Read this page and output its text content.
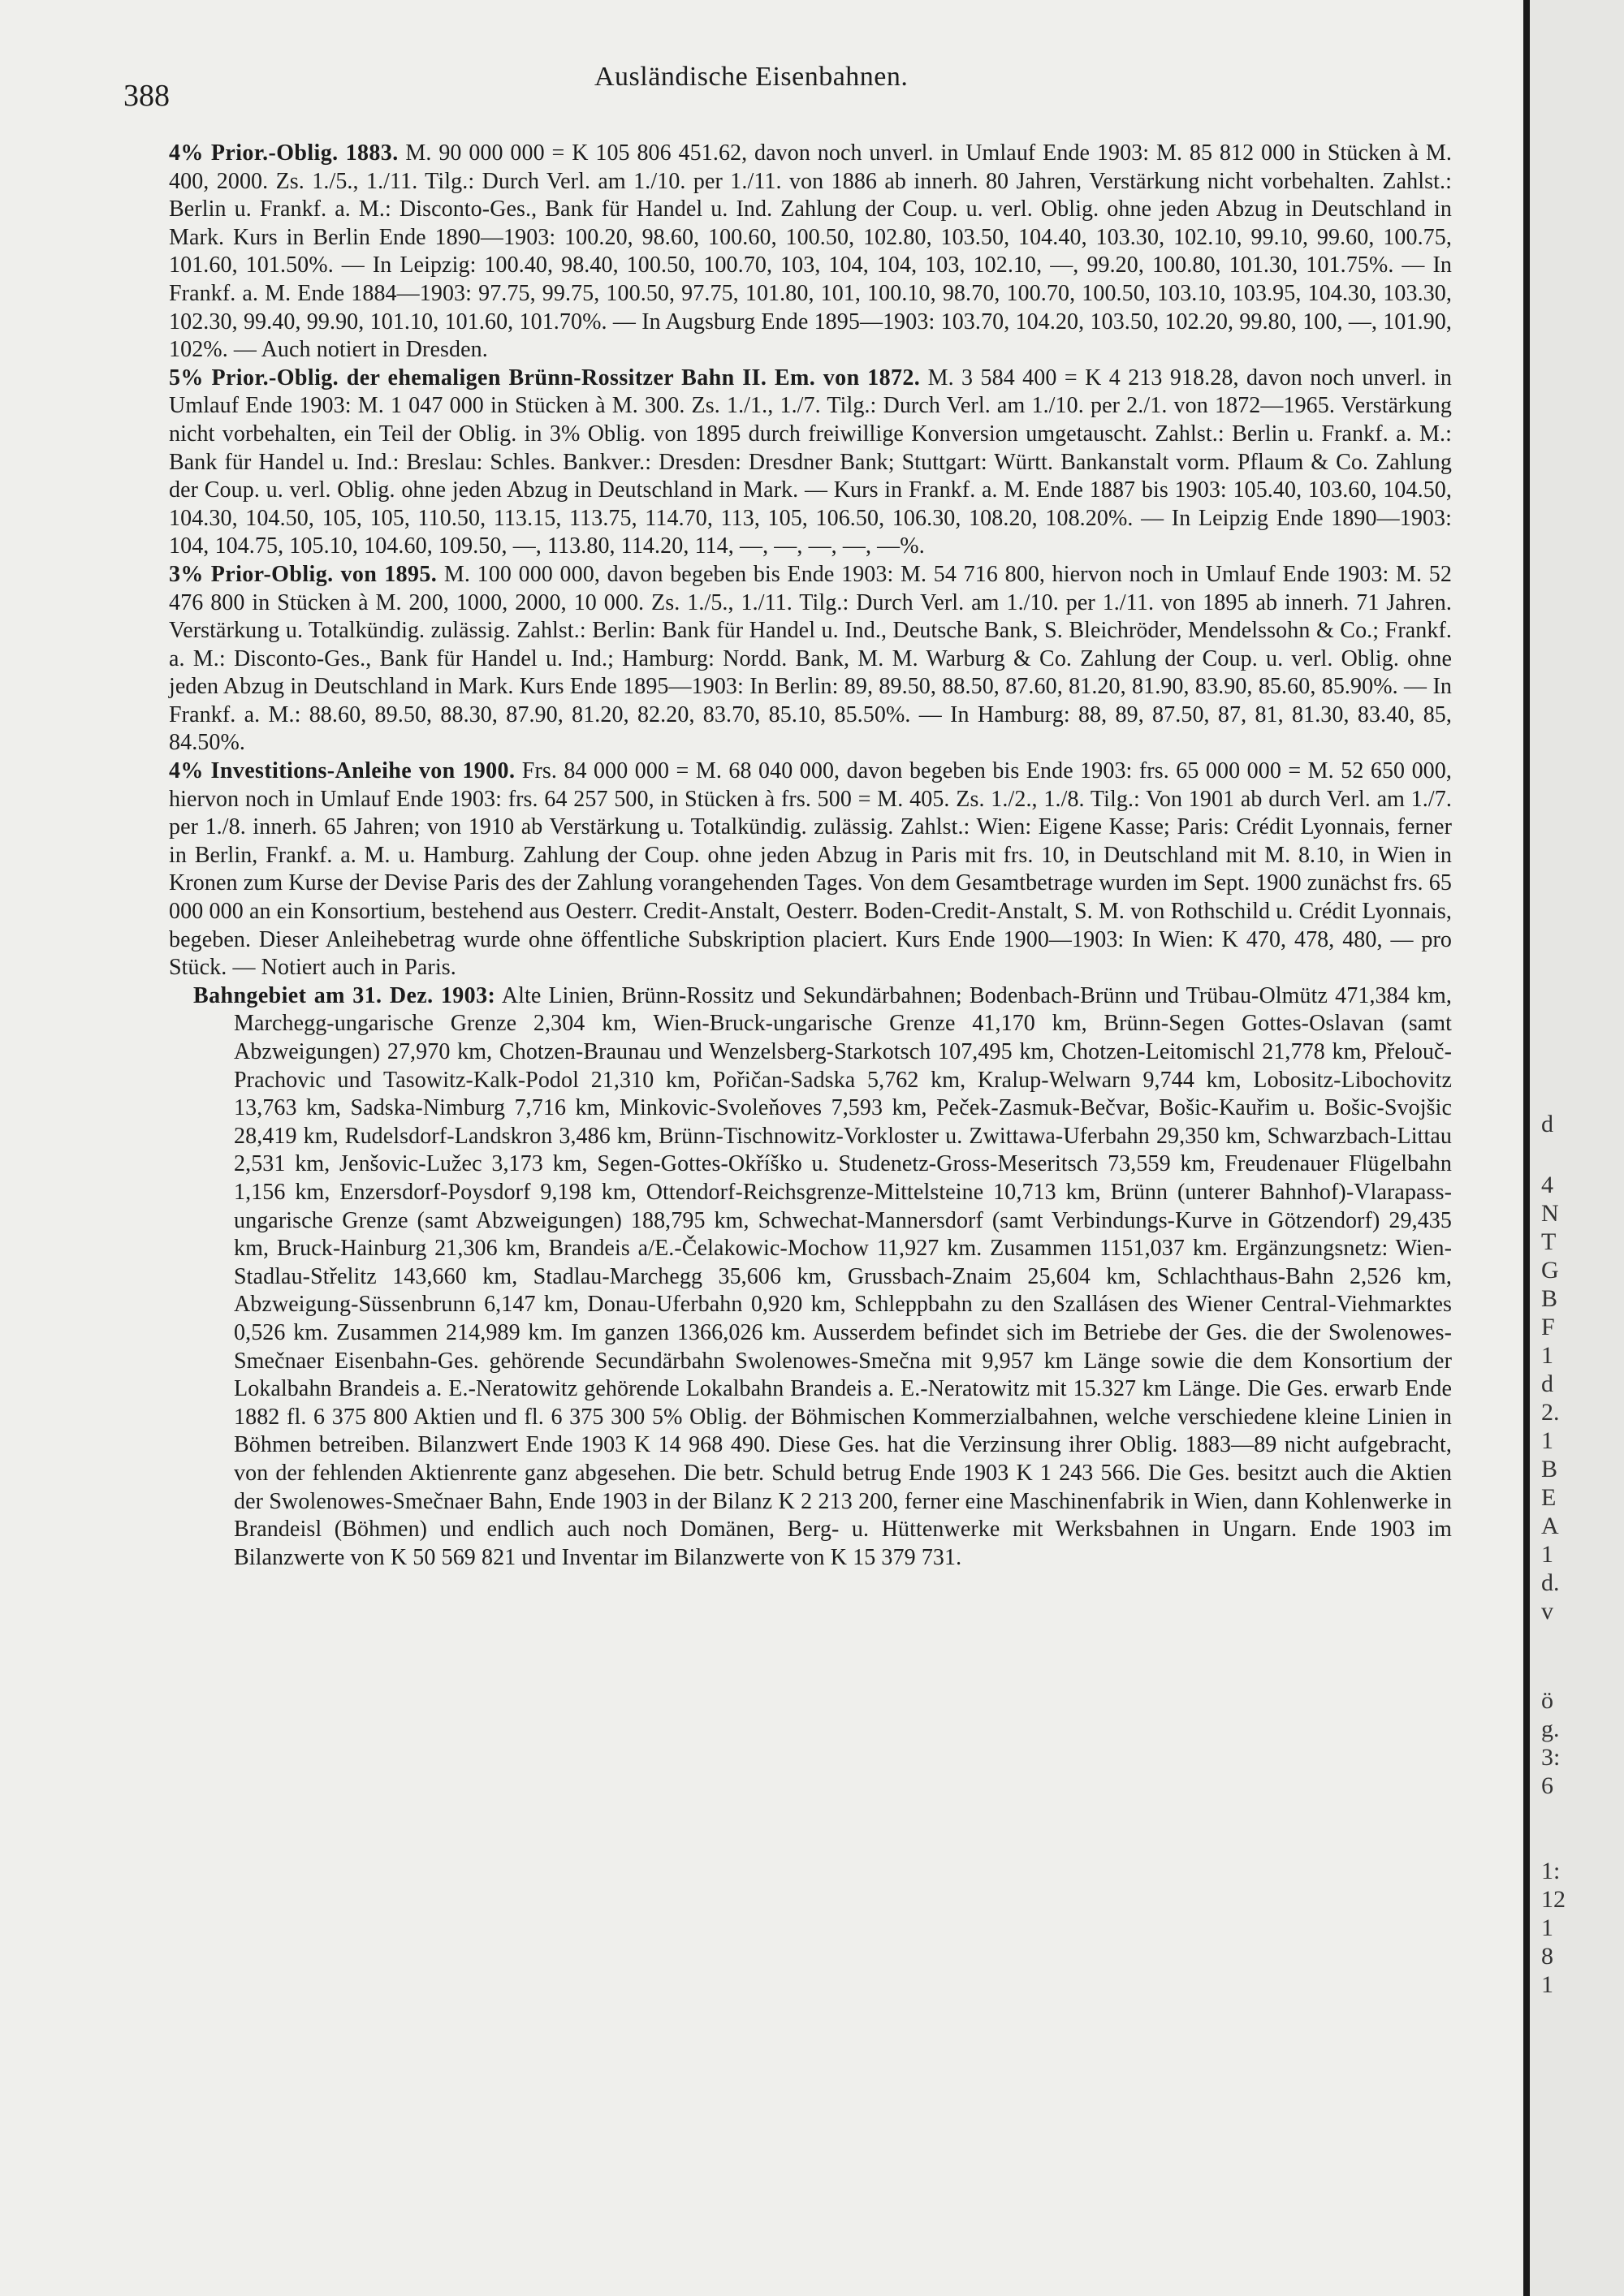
388
Ausländische Eisenbahnen.

4% Prior.-Oblig. 1883. M. 90 000 000 = K 105 806 451.62, davon noch unverl. in Umlauf Ende 1903: M. 85 812 000 in Stücken à M. 400, 2000. Zs. 1./5., 1./11. Tilg.: Durch Verl. am 1./10. per 1./11. von 1886 ab innerh. 80 Jahren, Verstärkung nicht vorbehalten. Zahlst.: Berlin u. Frankf. a. M.: Disconto-Ges., Bank für Handel u. Ind. Zahlung der Coup. u. verl. Oblig. ohne jeden Abzug in Deutschland in Mark. Kurs in Berlin Ende 1890—1903: 100.20, 98.60, 100.60, 100.50, 102.80, 103.50, 104.40, 103.30, 102.10, 99.10, 99.60, 100.75, 101.60, 101.50%. — In Leipzig: 100.40, 98.40, 100.50, 100.70, 103, 104, 104, 103, 102.10, —, 99.20, 100.80, 101.30, 101.75%. — In Frankf. a. M. Ende 1884—1903: 97.75, 99.75, 100.50, 97.75, 101.80, 101, 100.10, 98.70, 100.70, 100.50, 103.10, 103.95, 104.30, 103.30, 102.30, 99.40, 99.90, 101.10, 101.60, 101.70%. — In Augsburg Ende 1895—1903: 103.70, 104.20, 103.50, 102.20, 99.80, 100, —, 101.90, 102%. — Auch notiert in Dresden.

5% Prior.-Oblig. der ehemaligen Brünn-Rossitzer Bahn II. Em. von 1872. M. 3 584 400 = K 4 213 918.28, davon noch unverl. in Umlauf Ende 1903: M. 1 047 000 in Stücken à M. 300. Zs. 1./1., 1./7. Tilg.: Durch Verl. am 1./10. per 2./1. von 1872—1965. Verstärkung nicht vorbehalten, ein Teil der Oblig. in 3% Oblig. von 1895 durch freiwillige Konversion umgetauscht. Zahlst.: Berlin u. Frankf. a. M.: Bank für Handel u. Ind.: Breslau: Schles. Bankver.: Dresden: Dresdner Bank; Stuttgart: Württ. Bankanstalt vorm. Pflaum & Co. Zahlung der Coup. u. verl. Oblig. ohne jeden Abzug in Deutschland in Mark. — Kurs in Frankf. a. M. Ende 1887 bis 1903: 105.40, 103.60, 104.50, 104.30, 104.50, 105, 105, 110.50, 113.15, 113.75, 114.70, 113, 105, 106.50, 106.30, 108.20, 108.20%. — In Leipzig Ende 1890—1903: 104, 104.75, 105.10, 104.60, 109.50, —, 113.80, 114.20, 114, —, —, —, —, —%.

3% Prior-Oblig. von 1895. M. 100 000 000, davon begeben bis Ende 1903: M. 54 716 800, hiervon noch in Umlauf Ende 1903: M. 52 476 800 in Stücken à M. 200, 1000, 2000, 10 000. Zs. 1./5., 1./11. Tilg.: Durch Verl. am 1./10. per 1./11. von 1895 ab innerh. 71 Jahren. Verstärkung u. Totalkündig. zulässig. Zahlst.: Berlin: Bank für Handel u. Ind., Deutsche Bank, S. Bleichröder, Mendelssohn & Co.; Frankf. a. M.: Disconto-Ges., Bank für Handel u. Ind.; Hamburg: Nordd. Bank, M. M. Warburg & Co. Zahlung der Coup. u. verl. Oblig. ohne jeden Abzug in Deutschland in Mark. Kurs Ende 1895—1903: In Berlin: 89, 89.50, 88.50, 87.60, 81.20, 81.90, 83.90, 85.60, 85.90%. — In Frankf. a. M.: 88.60, 89.50, 88.30, 87.90, 81.20, 82.20, 83.70, 85.10, 85.50%. — In Hamburg: 88, 89, 87.50, 87, 81, 81.30, 83.40, 85, 84.50%.

4% Investitions-Anleihe von 1900. Frs. 84 000 000 = M. 68 040 000, davon begeben bis Ende 1903: frs. 65 000 000 = M. 52 650 000, hiervon noch in Umlauf Ende 1903: frs. 64 257 500, in Stücken à frs. 500 = M. 405. Zs. 1./2., 1./8. Tilg.: Von 1901 ab durch Verl. am 1./7. per 1./8. innerh. 65 Jahren; von 1910 ab Verstärkung u. Totalkündig. zulässig. Zahlst.: Wien: Eigene Kasse; Paris: Crédit Lyonnais, ferner in Berlin, Frankf. a. M. u. Hamburg. Zahlung der Coup. ohne jeden Abzug in Paris mit frs. 10, in Deutschland mit M. 8.10, in Wien in Kronen zum Kurse der Devise Paris des der Zahlung vorangehenden Tages. Von dem Gesamtbetrage wurden im Sept. 1900 zunächst frs. 65 000 000 an ein Konsortium, bestehend aus Oesterr. Credit-Anstalt, Oesterr. Boden-Credit-Anstalt, S. M. von Rothschild u. Crédit Lyonnais, begeben. Dieser Anleihebetrag wurde ohne öffentliche Subskription placiert. Kurs Ende 1900—1903: In Wien: K 470, 478, 480, — pro Stück. — Notiert auch in Paris.

Bahngebiet am 31. Dez. 1903: Alte Linien, Brünn-Rossitz und Sekundärbahnen; Bodenbach-Brünn und Trübau-Olmütz 471,384 km, Marchegg-ungarische Grenze 2,304 km, Wien-Bruck-ungarische Grenze 41,170 km, Brünn-Segen Gottes-Oslavan (samt Abzweigungen) 27,970 km, Chotzen-Braunau und Wenzelsberg-Starkotsch 107,495 km, Chotzen-Leitomischl 21,778 km, Přelouč-Prachovic und Tasowitz-Kalk-Podol 21,310 km, Pořičan-Sadska 5,762 km, Kralup-Welwarn 9,744 km, Lobositz-Libochovitz 13,763 km, Sadska-Nimburg 7,716 km, Minkovic-Svoleňoves 7,593 km, Peček-Zasmuk-Bečvar, Bošic-Kauřim u. Bošic-Svojšic 28,419 km, Rudelsdorf-Landskron 3,486 km, Brünn-Tischnowitz-Vorkloster u. Zwittawa-Uferbahn 29,350 km, Schwarzbach-Littau 2,531 km, Jenšovic-Lužec 3,173 km, Segen-Gottes-Okříško u. Studenetz-Gross-Meseritsch 73,559 km, Freudenauer Flügelbahn 1,156 km, Enzersdorf-Poysdorf 9,198 km, Ottendorf-Reichsgrenze-Mittelsteine 10,713 km, Brünn (unterer Bahnhof)-Vlarapass-ungarische Grenze (samt Abzweigungen) 188,795 km, Schwechat-Mannersdorf (samt Verbindungs-Kurve in Götzendorf) 29,435 km, Bruck-Hainburg 21,306 km, Brandeis a/E.-Čelakowic-Mochow 11,927 km. Zusammen 1151,037 km. Ergänzungsnetz: Wien-Stadlau-Střelitz 143,660 km, Stadlau-Marchegg 35,606 km, Grussbach-Znaim 25,604 km, Schlachthaus-Bahn 2,526 km, Abzweigung-Süssenbrunn 6,147 km, Donau-Uferbahn 0,920 km, Schleppbahn zu den Szallásen des Wiener Central-Viehmarktes 0,526 km. Zusammen 214,989 km. Im ganzen 1366,026 km. Ausserdem befindet sich im Betriebe der Ges. die der Swolenowes-Smečnaer Eisenbahn-Ges. gehörende Secundärbahn Swolenowes-Smečna mit 9,957 km Länge sowie die dem Konsortium der Lokalbahn Brandeis a. E.-Neratowitz gehörende Lokalbahn Brandeis a. E.-Neratowitz mit 15.327 km Länge. Die Ges. erwarb Ende 1882 fl. 6 375 800 Aktien und fl. 6 375 300 5% Oblig. der Böhmischen Kommerzialbahnen, welche verschiedene kleine Linien in Böhmen betreiben. Bilanzwert Ende 1903 K 14 968 490. Diese Ges. hat die Verzinsung ihrer Oblig. 1883—89 nicht aufgebracht, von der fehlenden Aktienrente ganz abgesehen. Die betr. Schuld betrug Ende 1903 K 1 243 566. Die Ges. besitzt auch die Aktien der Swolenowes-Smečnaer Bahn, Ende 1903 in der Bilanz K 2 213 200, ferner eine Maschinenfabrik in Wien, dann Kohlenwerke in Brandeisl (Böhmen) und endlich auch noch Domänen, Berg- u. Hüttenwerke mit Werksbahnen in Ungarn. Ende 1903 im Bilanzwerte von K 50 569 821 und Inventar im Bilanzwerte von K 15 379 731.

d
4
N
T
G
B
F
1
d
2.
1
B
E
A
1
d.
v
ö
g.
3:
6
1:
12
1
8
1
